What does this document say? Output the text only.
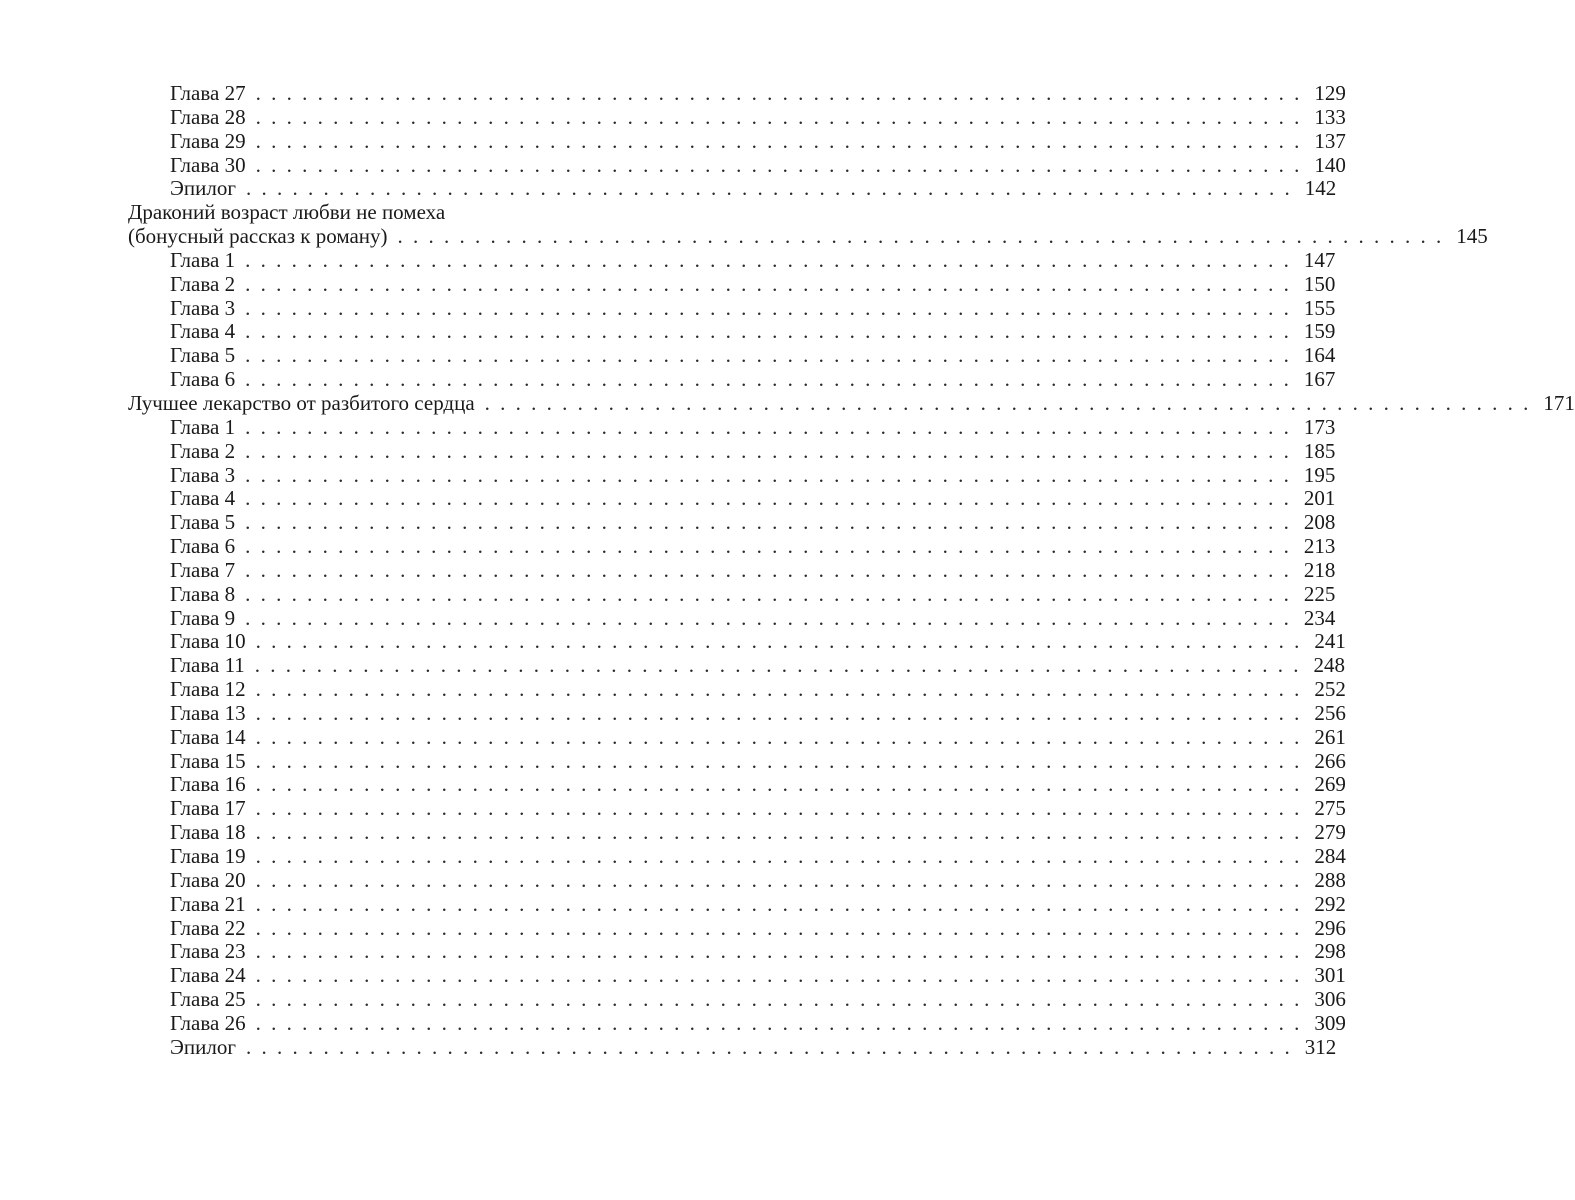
Глава 27 . . . . . . . . . . . . . . . . . . . . . . . . . . . . . . . . . . . . . . . . . . . . . . . . . . . . . . . . . . . . . . . . . . . . 129
Глава 28 . . . . . . . . . . . . . . . . . . . . . . . . . . . . . . . . . . . . . . . . . . . . . . . . . . . . . . . . . . . . . . . . . . . . 133
Глава 29 . . . . . . . . . . . . . . . . . . . . . . . . . . . . . . . . . . . . . . . . . . . . . . . . . . . . . . . . . . . . . . . . . . . . 137
Глава 30 . . . . . . . . . . . . . . . . . . . . . . . . . . . . . . . . . . . . . . . . . . . . . . . . . . . . . . . . . . . . . . . . . . . . 140
Эпилог . . . . . . . . . . . . . . . . . . . . . . . . . . . . . . . . . . . . . . . . . . . . . . . . . . . . . . . . . . . . . . . . . . . . 142
Драконий возраст любви не помеха
(бонусный рассказ к роману) . . . . . . . . . . . . . . . . . . . . . . . . . . . . . . . . . . . . . . . . . . . . . . . . . . . . . . . . . . . . . . . . . . . . 145
Глава 1 . . . . . . . . . . . . . . . . . . . . . . . . . . . . . . . . . . . . . . . . . . . . . . . . . . . . . . . . . . . . . . . . . . . . 147
Глава 2 . . . . . . . . . . . . . . . . . . . . . . . . . . . . . . . . . . . . . . . . . . . . . . . . . . . . . . . . . . . . . . . . . . . . 150
Глава 3 . . . . . . . . . . . . . . . . . . . . . . . . . . . . . . . . . . . . . . . . . . . . . . . . . . . . . . . . . . . . . . . . . . . . 155
Глава 4 . . . . . . . . . . . . . . . . . . . . . . . . . . . . . . . . . . . . . . . . . . . . . . . . . . . . . . . . . . . . . . . . . . . . 159
Глава 5 . . . . . . . . . . . . . . . . . . . . . . . . . . . . . . . . . . . . . . . . . . . . . . . . . . . . . . . . . . . . . . . . . . . . 164
Глава 6 . . . . . . . . . . . . . . . . . . . . . . . . . . . . . . . . . . . . . . . . . . . . . . . . . . . . . . . . . . . . . . . . . . . . 167
Лучшее лекарство от разбитого сердца . . . . . . . . . . . . . . . . . . . . . . . . . . . . . . . . . . . . . . . . . . . . . . . . . . . . . . . . . . . . . . . . . . . . 171
Глава 1 . . . . . . . . . . . . . . . . . . . . . . . . . . . . . . . . . . . . . . . . . . . . . . . . . . . . . . . . . . . . . . . . . . . . 173
Глава 2 . . . . . . . . . . . . . . . . . . . . . . . . . . . . . . . . . . . . . . . . . . . . . . . . . . . . . . . . . . . . . . . . . . . . 185
Глава 3 . . . . . . . . . . . . . . . . . . . . . . . . . . . . . . . . . . . . . . . . . . . . . . . . . . . . . . . . . . . . . . . . . . . . 195
Глава 4 . . . . . . . . . . . . . . . . . . . . . . . . . . . . . . . . . . . . . . . . . . . . . . . . . . . . . . . . . . . . . . . . . . . . 201
Глава 5 . . . . . . . . . . . . . . . . . . . . . . . . . . . . . . . . . . . . . . . . . . . . . . . . . . . . . . . . . . . . . . . . . . . . 208
Глава 6 . . . . . . . . . . . . . . . . . . . . . . . . . . . . . . . . . . . . . . . . . . . . . . . . . . . . . . . . . . . . . . . . . . . . 213
Глава 7 . . . . . . . . . . . . . . . . . . . . . . . . . . . . . . . . . . . . . . . . . . . . . . . . . . . . . . . . . . . . . . . . . . . . 218
Глава 8 . . . . . . . . . . . . . . . . . . . . . . . . . . . . . . . . . . . . . . . . . . . . . . . . . . . . . . . . . . . . . . . . . . . . 225
Глава 9 . . . . . . . . . . . . . . . . . . . . . . . . . . . . . . . . . . . . . . . . . . . . . . . . . . . . . . . . . . . . . . . . . . . . 234
Глава 10 . . . . . . . . . . . . . . . . . . . . . . . . . . . . . . . . . . . . . . . . . . . . . . . . . . . . . . . . . . . . . . . . . . . . 241
Глава 11 . . . . . . . . . . . . . . . . . . . . . . . . . . . . . . . . . . . . . . . . . . . . . . . . . . . . . . . . . . . . . . . . . . . . 248
Глава 12 . . . . . . . . . . . . . . . . . . . . . . . . . . . . . . . . . . . . . . . . . . . . . . . . . . . . . . . . . . . . . . . . . . . . 252
Глава 13 . . . . . . . . . . . . . . . . . . . . . . . . . . . . . . . . . . . . . . . . . . . . . . . . . . . . . . . . . . . . . . . . . . . . 256
Глава 14 . . . . . . . . . . . . . . . . . . . . . . . . . . . . . . . . . . . . . . . . . . . . . . . . . . . . . . . . . . . . . . . . . . . . 261
Глава 15 . . . . . . . . . . . . . . . . . . . . . . . . . . . . . . . . . . . . . . . . . . . . . . . . . . . . . . . . . . . . . . . . . . . . 266
Глава 16 . . . . . . . . . . . . . . . . . . . . . . . . . . . . . . . . . . . . . . . . . . . . . . . . . . . . . . . . . . . . . . . . . . . . 269
Глава 17 . . . . . . . . . . . . . . . . . . . . . . . . . . . . . . . . . . . . . . . . . . . . . . . . . . . . . . . . . . . . . . . . . . . . 275
Глава 18 . . . . . . . . . . . . . . . . . . . . . . . . . . . . . . . . . . . . . . . . . . . . . . . . . . . . . . . . . . . . . . . . . . . . 279
Глава 19 . . . . . . . . . . . . . . . . . . . . . . . . . . . . . . . . . . . . . . . . . . . . . . . . . . . . . . . . . . . . . . . . . . . . 284
Глава 20 . . . . . . . . . . . . . . . . . . . . . . . . . . . . . . . . . . . . . . . . . . . . . . . . . . . . . . . . . . . . . . . . . . . . 288
Глава 21 . . . . . . . . . . . . . . . . . . . . . . . . . . . . . . . . . . . . . . . . . . . . . . . . . . . . . . . . . . . . . . . . . . . . 292
Глава 22 . . . . . . . . . . . . . . . . . . . . . . . . . . . . . . . . . . . . . . . . . . . . . . . . . . . . . . . . . . . . . . . . . . . . 296
Глава 23 . . . . . . . . . . . . . . . . . . . . . . . . . . . . . . . . . . . . . . . . . . . . . . . . . . . . . . . . . . . . . . . . . . . . 298
Глава 24 . . . . . . . . . . . . . . . . . . . . . . . . . . . . . . . . . . . . . . . . . . . . . . . . . . . . . . . . . . . . . . . . . . . . 301
Глава 25 . . . . . . . . . . . . . . . . . . . . . . . . . . . . . . . . . . . . . . . . . . . . . . . . . . . . . . . . . . . . . . . . . . . . 306
Глава 26 . . . . . . . . . . . . . . . . . . . . . . . . . . . . . . . . . . . . . . . . . . . . . . . . . . . . . . . . . . . . . . . . . . . . 309
Эпилог . . . . . . . . . . . . . . . . . . . . . . . . . . . . . . . . . . . . . . . . . . . . . . . . . . . . . . . . . . . . . . . . . . . . 312
